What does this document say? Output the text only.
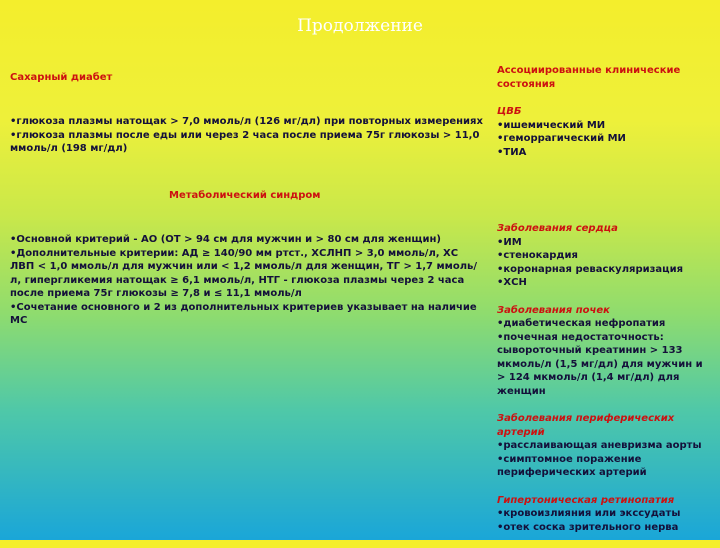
Продолжение
Сахарный диабет
•глюкоза плазмы натощак > 7,0 ммоль/л (126 мг/дл) при повторных измерениях
•глюкоза плазмы после еды или через 2 часа после приема 75г глюкозы > 11,0 ммоль/л (198 мг/дл)
Метаболический синдром
•Основной критерий - АО (ОТ > 94 см для мужчин и > 80 см для женщин)
•Дополнительные критерии: АД ≥ 140/90 мм ртст., ХСЛНП > 3,0 ммоль/л, ХС ЛВП < 1,0 ммоль/л для мужчин или < 1,2 ммоль/л для женщин, ТГ > 1,7 ммоль/л, гипергликемия натощак ≥ 6,1 ммоль/л, НТГ - глюкоза плазмы через 2 часа после приема 75г глюкозы ≥ 7,8 и ≤ 11,1 ммоль/л
•Сочетание основного и 2 из дополнительных критериев указывает на наличие МС
Ассоциированные клинические состояния
ЦВБ
•ишемический МИ
•геморрагический МИ
•ТИА
Заболевания сердца
•ИМ
•стенокардия
•коронарная реваскуляризация
•ХСН
Заболевания почек
•диабетическая нефропатия
•почечная недостаточность: сывороточный креатинин > 133 мкмоль/л (1,5 мг/дл) для мужчин и > 124 мкмоль/л (1,4 мг/дл) для женщин
Заболевания периферических артерий
•расслаивающая аневризма аорты
•симптомное поражение периферических артерий
Гипертоническая ретинопатия
•кровоизлияния или экссудаты
•отек соска зрительного нерва
